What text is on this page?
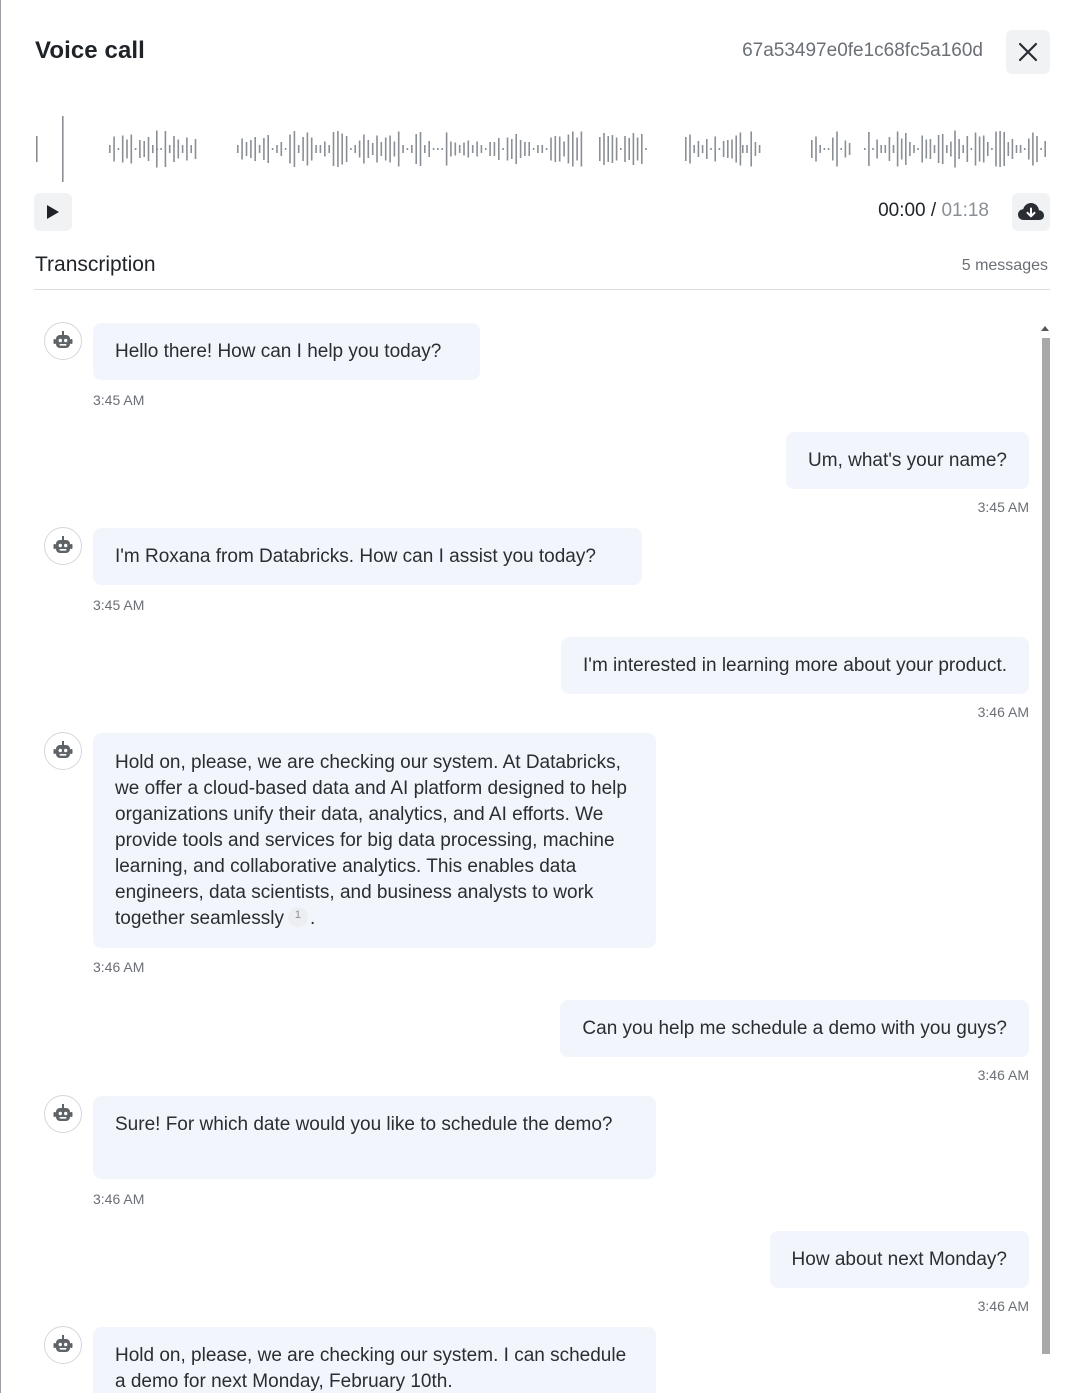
Voice call	67a53497e0fe1c68fc5a160d
00:00 / 01:18
Transcription	5 messages
Hello there! How can I help you today?
3:45 AM
Um, what's your name?
3:45 AM
I'm Roxana from Databricks. How can I assist you today?
3:45 AM
I'm interested in learning more about your product.
3:46 AM
Hold on, please, we are checking our system. At Databricks, we offer a cloud-based data and AI platform designed to help organizations unify their data, analytics, and AI efforts. We provide tools and services for big data processing, machine learning, and collaborative analytics. This enables data engineers, data scientists, and business analysts to work together seamlessly 1 .
3:46 AM
Can you help me schedule a demo with you guys?
3:46 AM
Sure! For which date would you like to schedule the demo?
3:46 AM
How about next Monday?
3:46 AM
Hold on, please, we are checking our system. I can schedule a demo for next Monday, February 10th.
